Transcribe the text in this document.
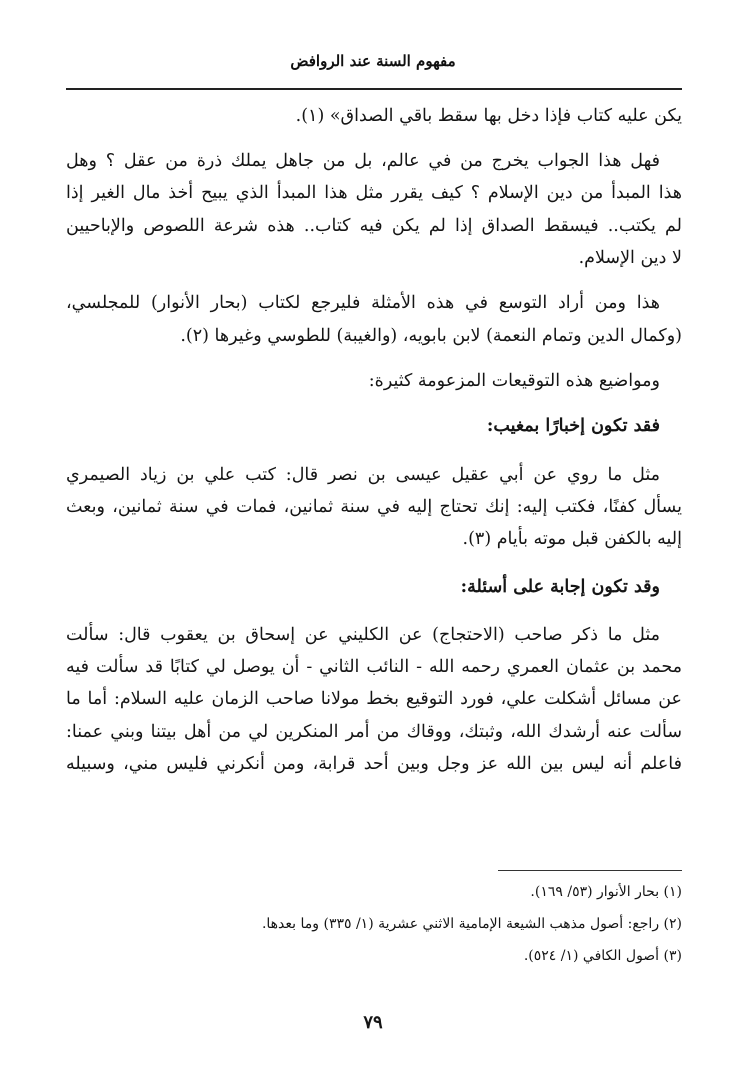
مفهوم السنة عند الروافض
يكن عليه كتاب فإذا دخل بها سقط باقي الصداق» (١).
فهل هذا الجواب يخرج من في عالم، بل من جاهل يملك ذرة من عقل ؟ وهل
هذا المبدأ من دين الإسلام ؟ كيف يقرر مثل هذا المبدأ الذي يبيح أخذ مال الغير إذا
لم يكتب.. فيسقط الصداق إذا لم يكن فيه كتاب.. هذه شرعة اللصوص والإباحيين
لا دين الإسلام.
هذا ومن أراد التوسع في هذه الأمثلة فليرجع لكتاب (بحار الأنوار) للمجلسي،
(وكمال الدين وتمام النعمة) لابن بابويه، (والغيبة) للطوسي وغيرها (٢).
ومواضيع هذه التوقيعات المزعومة كثيرة:
فقد تكون إخبارًا بمغيب:
مثل ما روي عن أبي عقيل عيسى بن نصر قال: كتب علي بن زياد الصيمري
يسأل كفنًا، فكتب إليه: إنك تحتاج إليه في سنة ثمانين، فمات في سنة ثمانين، وبعث
إليه بالكفن قبل موته بأيام (٣).
وقد تكون إجابة على أسئلة:
مثل ما ذكر صاحب (الاحتجاج) عن الكليني عن إسحاق بن يعقوب قال: سألت
محمد بن عثمان العمري رحمه الله - النائب الثاني - أن يوصل لي كتابًا قد سألت فيه
عن مسائل أُشكلت علي، فورد التوقيع بخط مولانا صاحب الزمان عليه السلام: أما ما
سألت عنه أرشدك الله، وثبتك، ووقاك من أمر المنكرين لي من أهل بيتنا وبني عمنا:
فاعلم أنه ليس بين الله عز وجل وبين أحد قرابة، ومن أنكرني فليس مني، وسبيله
(١) بحار الأنوار (٥٣/ ١٦٩).
(٢) راجع: أصول مذهب الشيعة الإمامية الاثني عشرية (١/ ٣٣٥) وما بعدها.
(٣) أصول الكافي (١/ ٥٢٤).
٧٩
